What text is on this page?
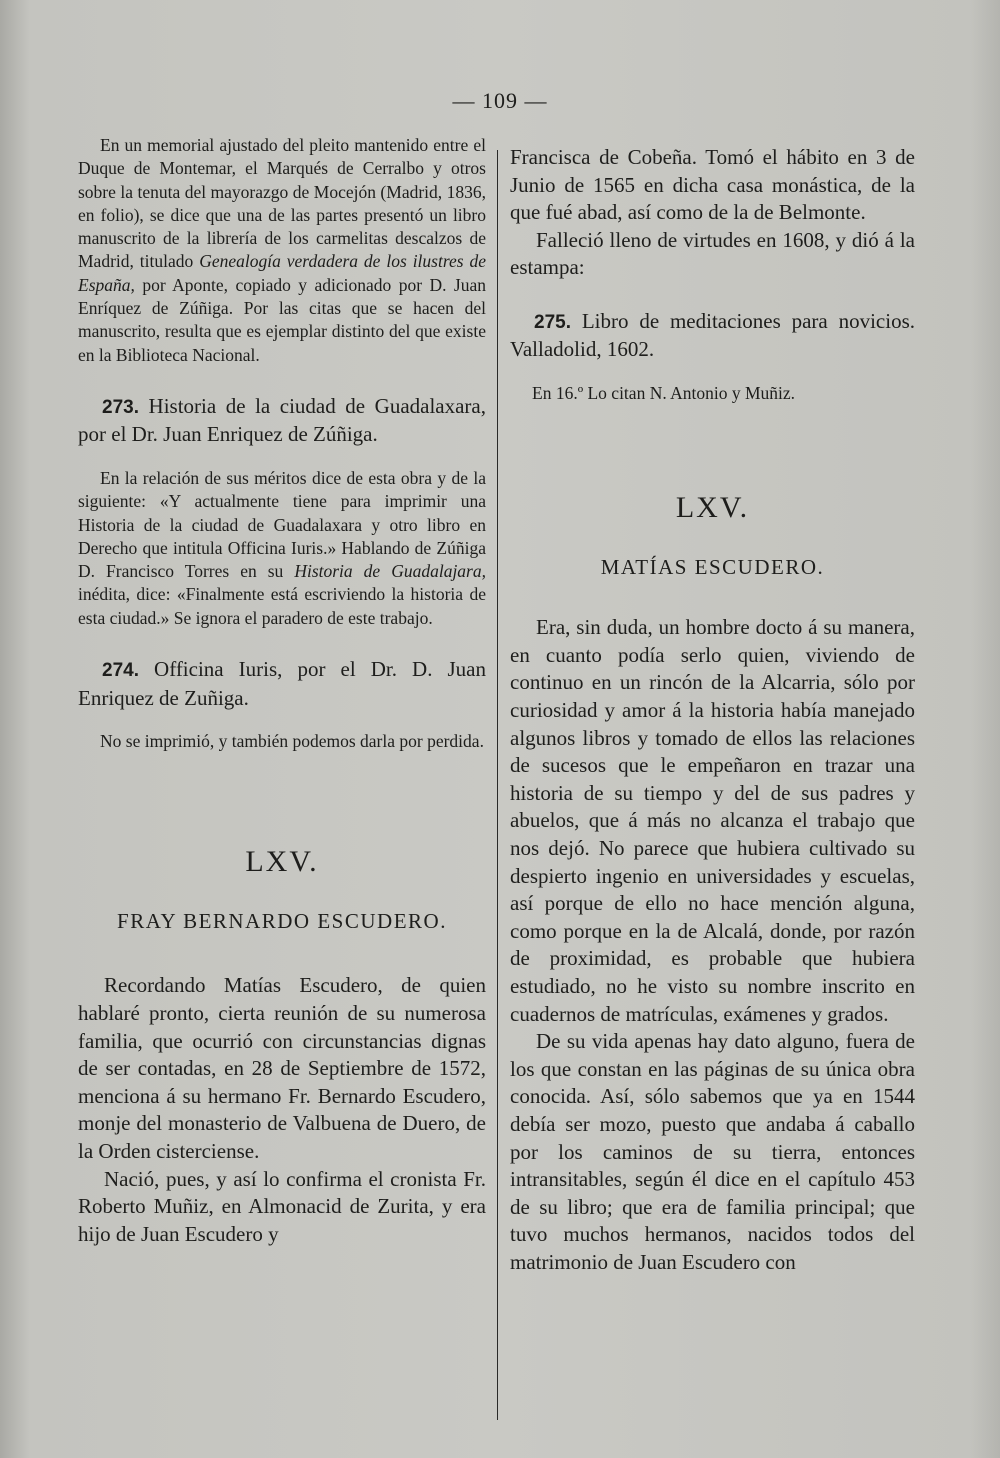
— 109 —

En un memorial ajustado del pleito mantenido entre el Duque de Montemar, el Marqués de Cerralbo y otros sobre la tenuta del mayorazgo de Mocejón (Madrid, 1836, en folio), se dice que una de las partes presentó un libro manuscrito de la librería de los carmelitas descalzos de Madrid, titulado Genealogía verdadera de los ilustres de España, por Aponte, copiado y adicionado por D. Juan Enríquez de Zúñiga. Por las citas que se hacen del manuscrito, resulta que es ejemplar distinto del que existe en la Biblioteca Nacional.

273. Historia de la ciudad de Guadalaxara, por el Dr. Juan Enriquez de Zúñiga.

En la relación de sus méritos dice de esta obra y de la siguiente: «Y actualmente tiene para imprimir una Historia de la ciudad de Guadalaxara y otro libro en Derecho que intitula Officina Iuris.» Hablando de Zúñiga D. Francisco Torres en su Historia de Guadalajara, inédita, dice: «Finalmente está escriviendo la historia de esta ciudad.» Se ignora el paradero de este trabajo.

274. Officina Iuris, por el Dr. D. Juan Enriquez de Zuñiga.

No se imprimió, y también podemos darla por perdida.

LXV.

FRAY BERNARDO ESCUDERO.

Recordando Matías Escudero, de quien hablaré pronto, cierta reunión de su numerosa familia, que ocurrió con circunstancias dignas de ser contadas, en 28 de Septiembre de 1572, menciona á su hermano Fr. Bernardo Escudero, monje del monasterio de Valbuena de Duero, de la Orden cisterciense.

Nació, pues, y así lo confirma el cronista Fr. Roberto Muñiz, en Almonacid de Zurita, y era hijo de Juan Escudero y

Francisca de Cobeña. Tomó el hábito en 3 de Junio de 1565 en dicha casa monástica, de la que fué abad, así como de la de Belmonte.

Falleció lleno de virtudes en 1608, y dió á la estampa:

275. Libro de meditaciones para novicios. Valladolid, 1602.

En 16.º Lo citan N. Antonio y Muñiz.

LXV.

MATÍAS ESCUDERO.

Era, sin duda, un hombre docto á su manera, en cuanto podía serlo quien, viviendo de continuo en un rincón de la Alcarria, sólo por curiosidad y amor á la historia había manejado algunos libros y tomado de ellos las relaciones de sucesos que le empeñaron en trazar una historia de su tiempo y del de sus padres y abuelos, que á más no alcanza el trabajo que nos dejó. No parece que hubiera cultivado su despierto ingenio en universidades y escuelas, así porque de ello no hace mención alguna, como porque en la de Alcalá, donde, por razón de proximidad, es probable que hubiera estudiado, no he visto su nombre inscrito en cuadernos de matrículas, exámenes y grados.

De su vida apenas hay dato alguno, fuera de los que constan en las páginas de su única obra conocida. Así, sólo sabemos que ya en 1544 debía ser mozo, puesto que andaba á caballo por los caminos de su tierra, entonces intransitables, según él dice en el capítulo 453 de su libro; que era de familia principal; que tuvo muchos hermanos, nacidos todos del matrimonio de Juan Escudero con
